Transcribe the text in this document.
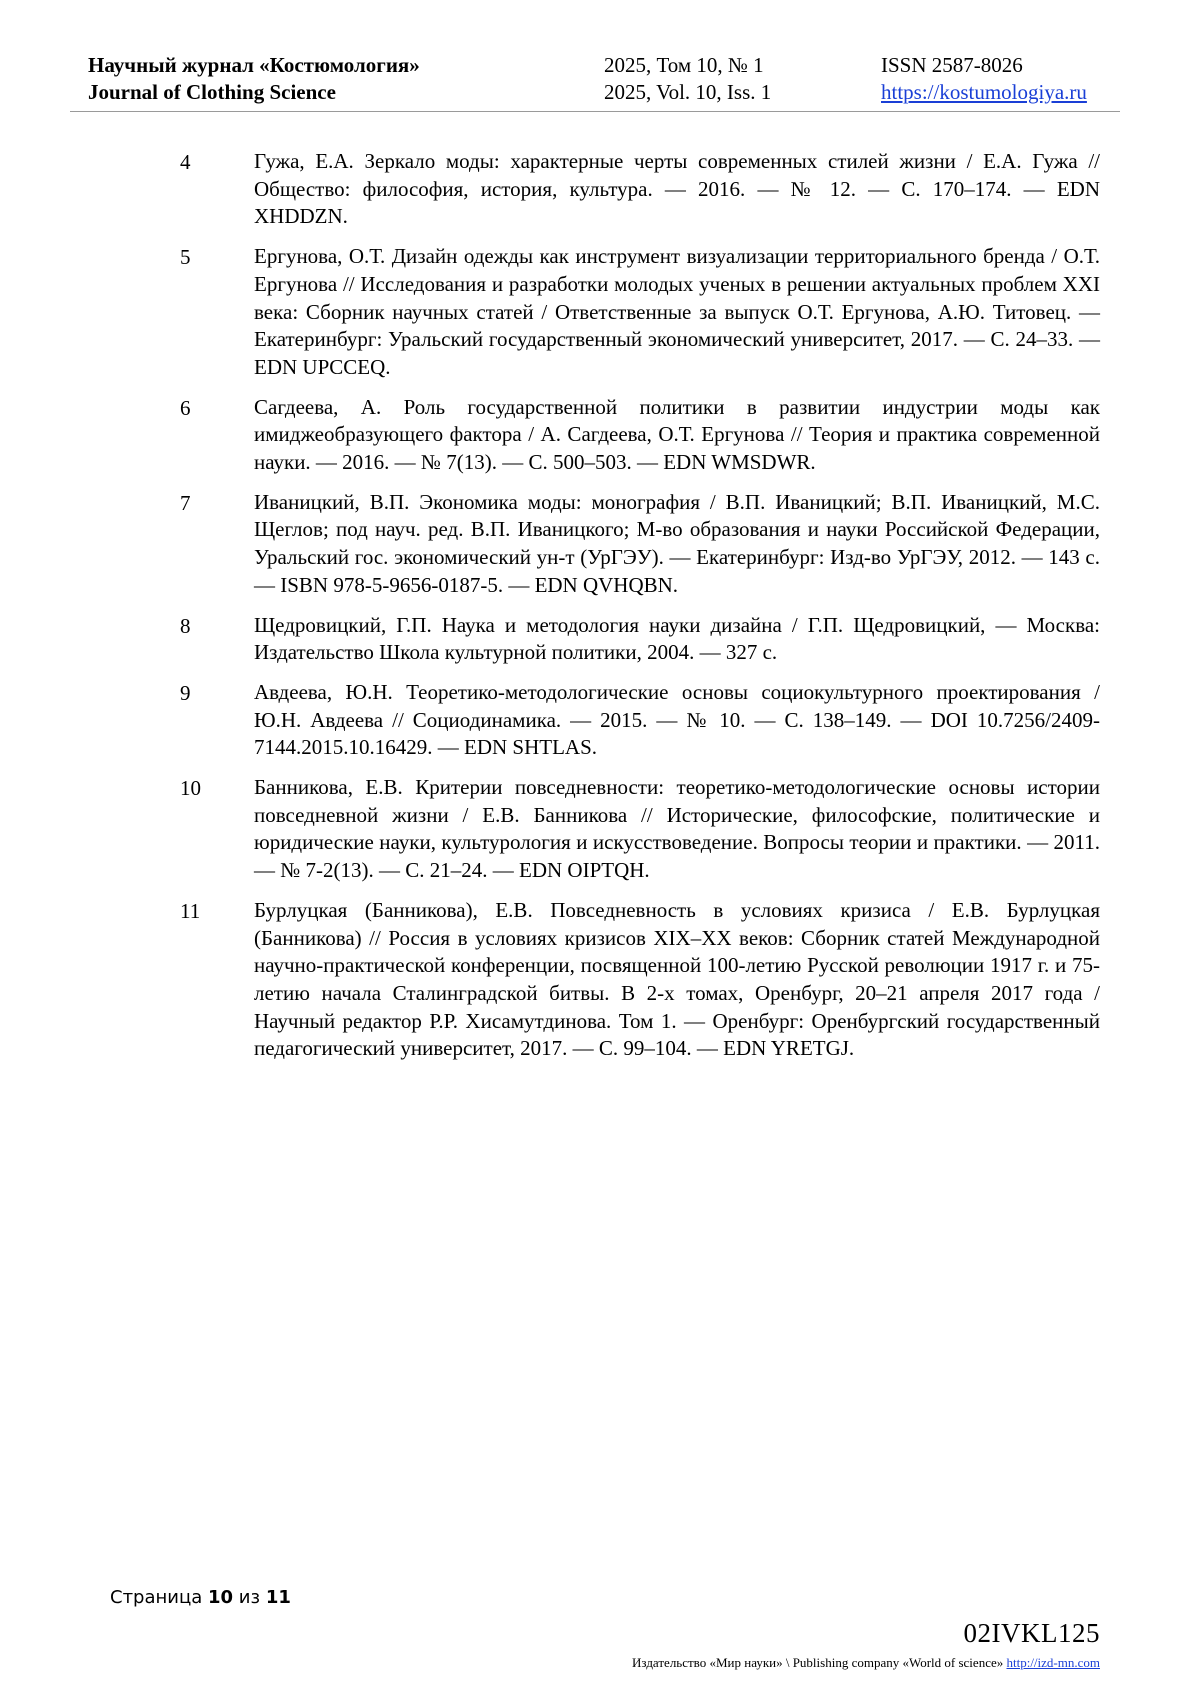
Научный журнал «Костюмология»
Journal of Clothing Science
2025, Том 10, № 1
2025, Vol. 10, Iss. 1
ISSN 2587-8026
https://kostumologiya.ru
4	Гужа, Е.А. Зеркало моды: характерные черты современных стилей жизни / Е.А. Гужа // Общество: философия, история, культура. — 2016. — № 12. — С. 170–174. — EDN XHDDZN.
5	Ергунова, О.Т. Дизайн одежды как инструмент визуализации территориального бренда / О.Т. Ергунова // Исследования и разработки молодых ученых в решении актуальных проблем XXI века: Сборник научных статей / Ответственные за выпуск О.Т. Ергунова, А.Ю. Титовец. — Екатеринбург: Уральский государственный экономический университет, 2017. — С. 24–33. — EDN UPCCEQ.
6	Сагдеева, А. Роль государственной политики в развитии индустрии моды как имиджеобразующего фактора / А. Сагдеева, О.Т. Ергунова // Теория и практика современной науки. — 2016. — № 7(13). — С. 500–503. — EDN WMSDWR.
7	Иваницкий, В.П. Экономика моды: монография / В.П. Иваницкий; В.П. Иваницкий, М.С. Щеглов; под науч. ред. В.П. Иваницкого; М-во образования и науки Российской Федерации, Уральский гос. экономический ун-т (УрГЭУ). — Екатеринбург: Изд-во УрГЭУ, 2012. — 143 с. — ISBN 978-5-9656-0187-5. — EDN QVHQBN.
8	Щедровицкий, Г.П. Наука и методология науки дизайна / Г.П. Щедровицкий, — Москва: Издательство Школа культурной политики, 2004. — 327 с.
9	Авдеева, Ю.Н. Теоретико-методологические основы социокультурного проектирования / Ю.Н. Авдеева // Социодинамика. — 2015. — № 10. — С. 138–149. — DOI 10.7256/2409-7144.2015.10.16429. — EDN SHTLAS.
10	Банникова, Е.В. Критерии повседневности: теоретико-методологические основы истории повседневной жизни / Е.В. Банникова // Исторические, философские, политические и юридические науки, культурология и искусствоведение. Вопросы теории и практики. — 2011. — № 7-2(13). — С. 21–24. — EDN OIPTQH.
11	Бурлуцкая (Банникова), Е.В. Повседневность в условиях кризиса / Е.В. Бурлуцкая (Банникова) // Россия в условиях кризисов XIX–XX веков: Сборник статей Международной научно-практической конференции, посвященной 100-летию Русской революции 1917 г. и 75-летию начала Сталинградской битвы. В 2-х томах, Оренбург, 20–21 апреля 2017 года / Научный редактор Р.Р. Хисамутдинова. Том 1. — Оренбург: Оренбургский государственный педагогический университет, 2017. — С. 99–104. — EDN YRETGJ.
Страница 10 из 11
02IVKL125
Издательство «Мир науки» \ Publishing company «World of science» http://izd-mn.com
